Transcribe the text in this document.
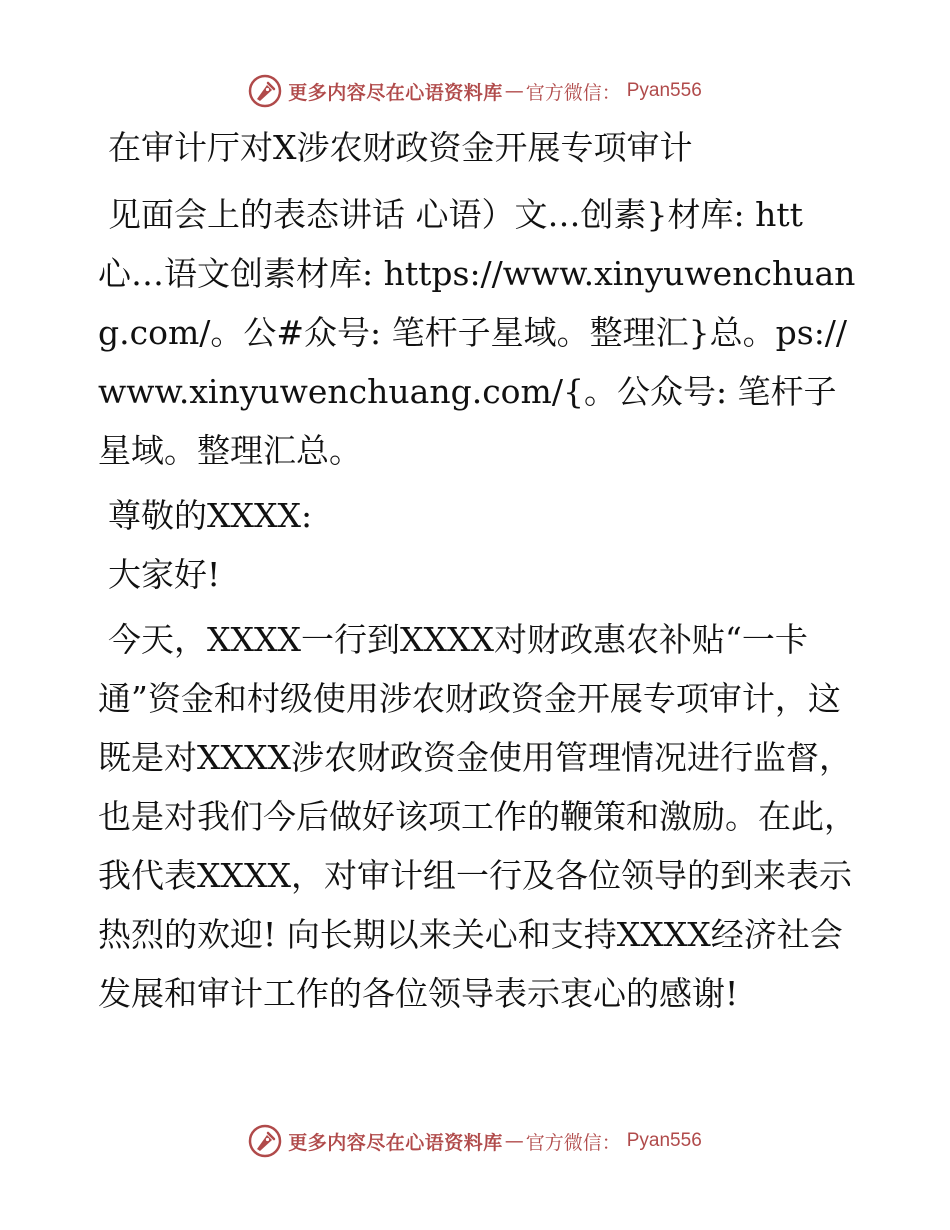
更多内容尽在心语资料库 — 官方微信： Pyan556

在审计厅对X涉农财政资金开展专项审计

见面会上的表态讲话 心语）文…创素}材库: htt心…语文创素材库: https://www.xinyuwenchuang.com/。公#众号: 笔杆子星域。整理汇}总。ps://www.xinyuwenchuang.com/{。公众号: 笔杆子星域。整理汇总。

尊敬的XXXX:

大家好!

今天，XXXX一行到XXXX对财政惠农补贴“一卡通”资金和村级使用涉农财政资金开展专项审计，这既是对XXXX涉农财政资金使用管理情况进行监督，也是对我们今后做好该项工作的鞭策和激励。在此，我代表XXXX，对审计组一行及各位领导的到来表示热烈的欢迎! 向长期以来关心和支持XXXX经济社会发展和审计工作的各位领导表示衷心的感谢!

更多内容尽在心语资料库 — 官方微信： Pyan556
